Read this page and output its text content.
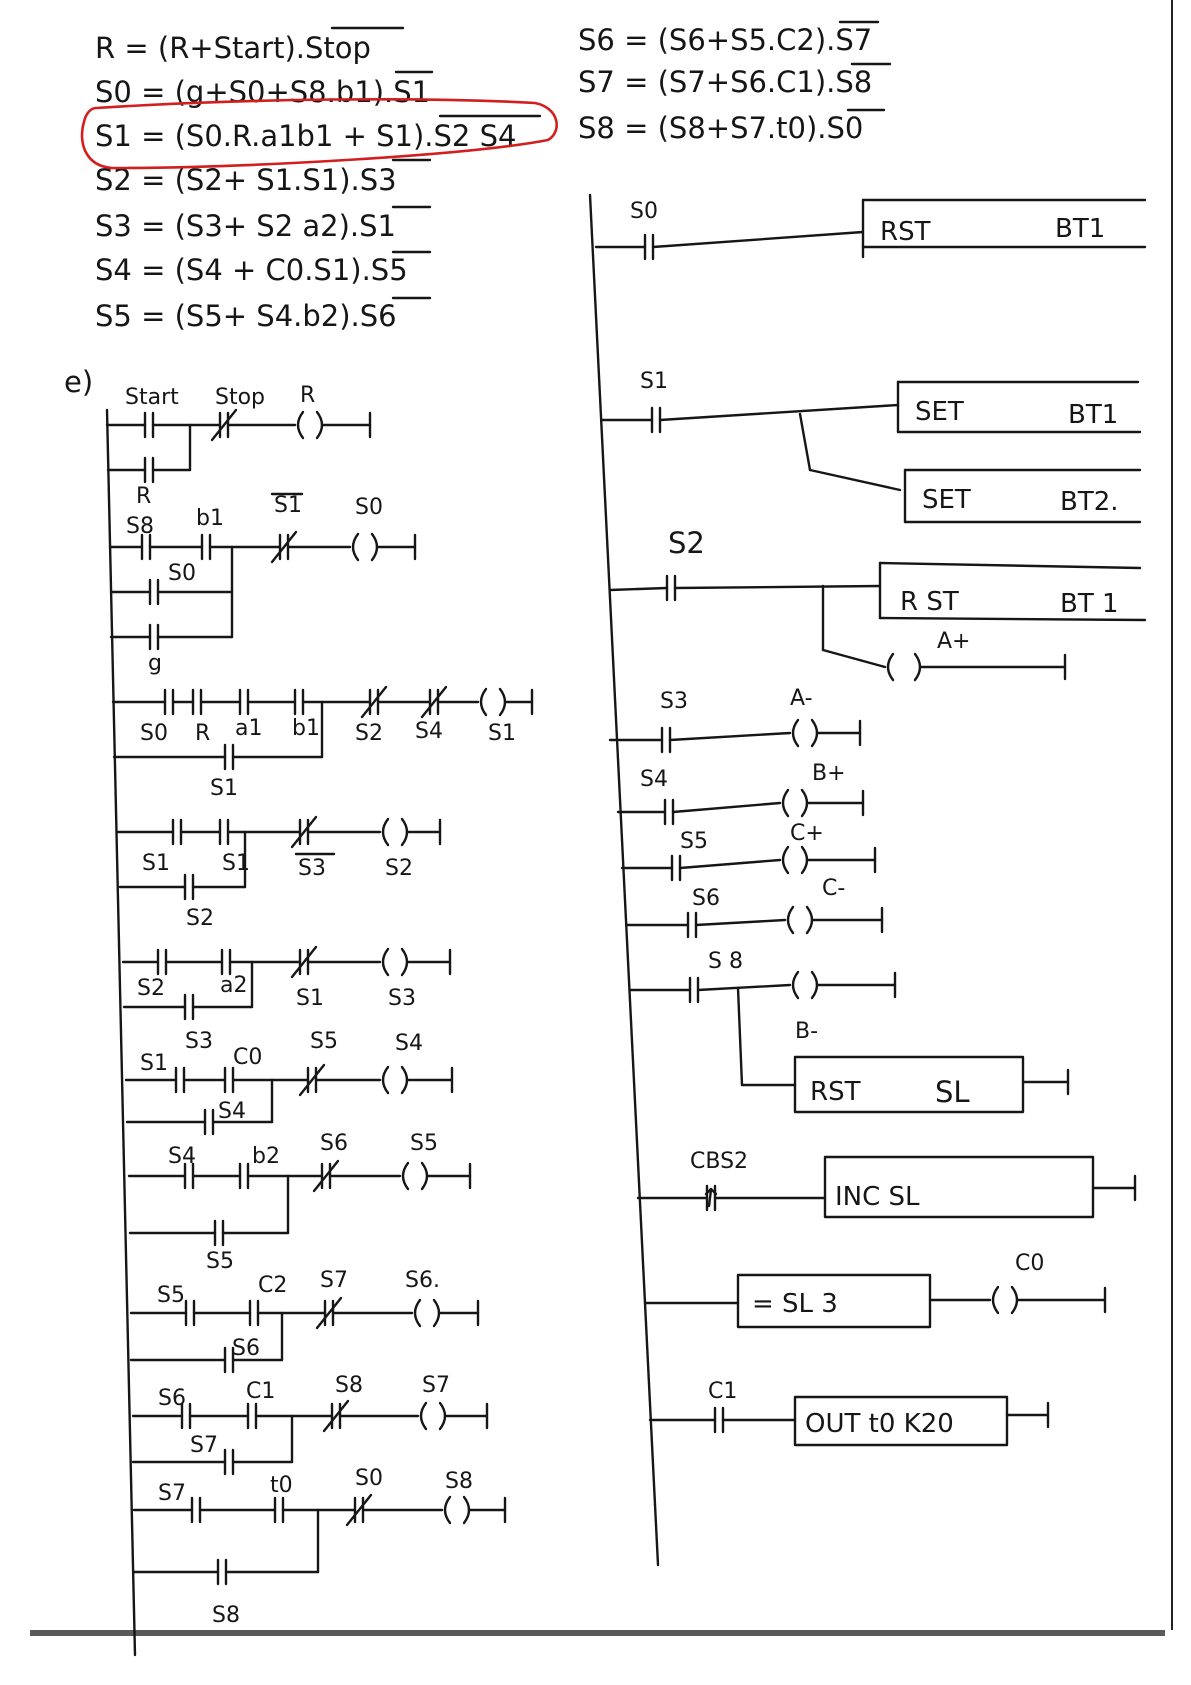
R = (R+Start).Stop
S0 = (g+S0+S8.b1).S1
S1 = (S0.R.a1b1 + S1).S2 S4
S2 = (S2+ S1.S1).S3
S3 = (S3+ S2 a2).S1
S4 = (S4 + C0.S1).S5
S5 = (S5+ S4.b2).S6
S6 = (S6+S5.C2).S7
S7 = (S7+S6.C1).S8
S8 = (S8+S7.t0).S0
e) Start Stop R
R
S8 b1
S1 S0
S0
g
S0 R a1 b1 S2 S4 S1
S1
S1 S1 S3	S2
S2
S2	a2
S1	S3
S3
S1	C0
S5	S4
S4
S4	b2
S6	S5
S5
S5	C2 S7	S6.
S6
S6	C1	S8	S7
S7
S7	t0	S0	S8
S8
RST	BT1
S0
SET	BT1
SET	BT2.
S1
R ST	BT 1
A+
S2
S3	A-
S4	B+
S5	C+
S6	C-
RST	SL
S 8
B-
INC SL
CBS2
= SL 3
C0
OUT t0 K20
C1
